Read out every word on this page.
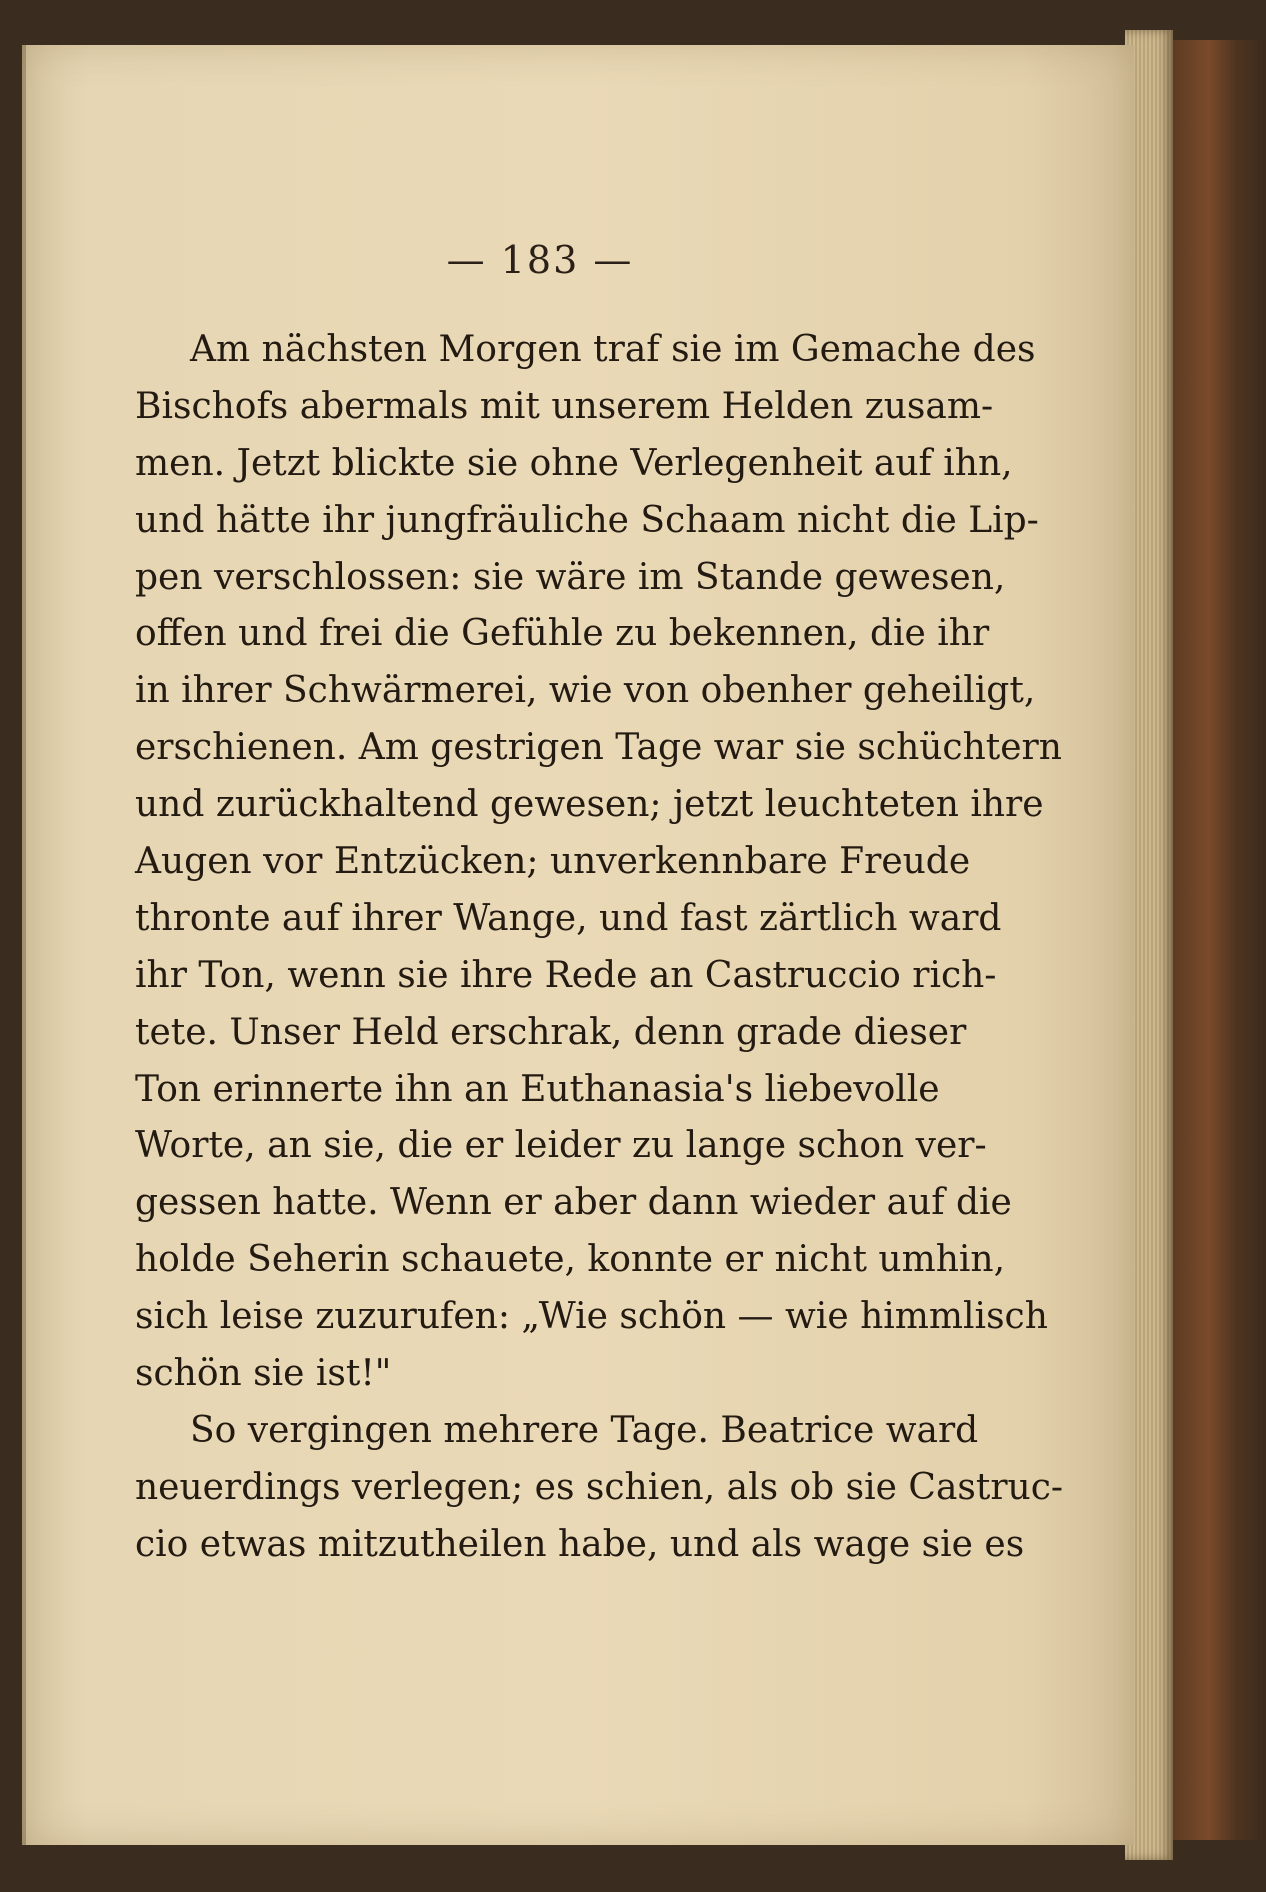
— 183 —
Am nächsten Morgen traf sie im Gemache des
Bischofs abermals mit unserem Helden zusam-
men. Jetzt blickte sie ohne Verlegenheit auf ihn,
und hätte ihr jungfräuliche Schaam nicht die Lip-
pen verschlossen: sie wäre im Stande gewesen,
offen und frei die Gefühle zu bekennen, die ihr
in ihrer Schwärmerei, wie von obenher geheiligt,
erschienen. Am gestrigen Tage war sie schüchtern
und zurückhaltend gewesen; jetzt leuchteten ihre
Augen vor Entzücken; unverkennbare Freude
thronte auf ihrer Wange, und fast zärtlich ward
ihr Ton, wenn sie ihre Rede an Castruccio rich-
tete. Unser Held erschrak, denn grade dieser
Ton erinnerte ihn an Euthanasia's liebevolle
Worte, an sie, die er leider zu lange schon ver-
gessen hatte. Wenn er aber dann wieder auf die
holde Seherin schauete, konnte er nicht umhin,
sich leise zuzurufen: „Wie schön — wie himmlisch
schön sie ist!"
So vergingen mehrere Tage. Beatrice ward
neuerdings verlegen; es schien, als ob sie Castruc-
cio etwas mitzutheilen habe, und als wage sie es
